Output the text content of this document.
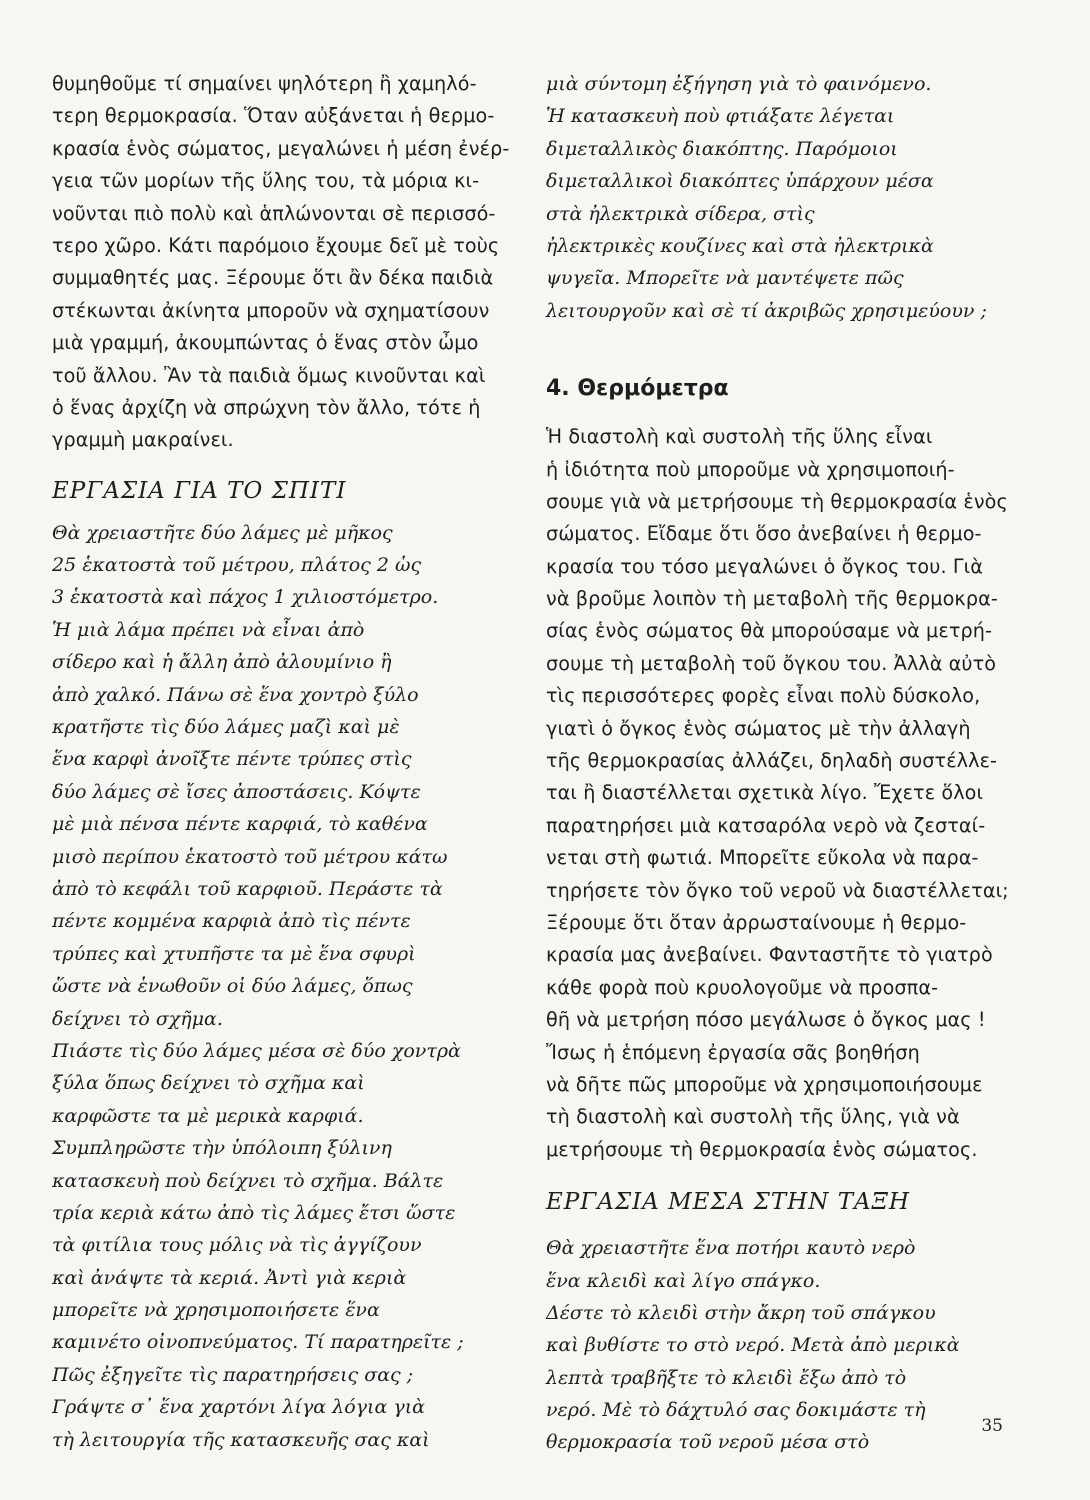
θυμηθοῦμε τί σημαίνει ψηλότερη ἢ χαμηλό-
τερη θερμοκρασία. Ὅταν αὐξάνεται ἡ θερμο-
κρασία ἑνὸς σώματος, μεγαλώνει ἡ μέση ἐνέρ-
γεια τῶν μορίων τῆς ὕλης του, τὰ μόρια κι-
νοῦνται πιὸ πολὺ καὶ ἁπλώνονται σὲ περισσό-
τερο χῶρο. Κάτι παρόμοιο ἔχουμε δεῖ μὲ τοὺς
συμμαθητές μας. Ξέρουμε ὅτι ἂν δέκα παιδιὰ
στέκωνται ἀκίνητα μποροῦν νὰ σχηματίσουν
μιὰ γραμμή, ἀκουμπώντας ὁ ἕνας στὸν ὦμο
τοῦ ἄλλου. Ἂν τὰ παιδιὰ ὅμως κινοῦνται καὶ
ὁ ἕνας ἀρχίζη νὰ σπρώχνη τὸν ἄλλο, τότε ἡ
γραμμὴ μακραίνει.
ΕΡΓΑΣΙΑ ΓΙΑ ΤΟ ΣΠΙΤΙ
Θὰ χρειαστῆτε δύο λάμες μὲ μῆκος
25 ἑκατοστὰ τοῦ μέτρου, πλάτος 2 ὡς
3 ἑκατοστὰ καὶ πάχος 1 χιλιοστόμετρο.
Ἡ μιὰ λάμα πρέπει νὰ εἶναι ἀπὸ
σίδερο καὶ ἡ ἄλλη ἀπὸ ἀλουμίνιο ἢ
ἀπὸ χαλκό. Πάνω σὲ ἕνα χοντρὸ ξύλο
κρατῆστε τὶς δύο λάμες μαζὶ καὶ μὲ
ἕνα καρφὶ ἀνοῖξτε πέντε τρύπες στὶς
δύο λάμες σὲ ἴσες ἀποστάσεις. Κόψτε
μὲ μιὰ πένσα πέντε καρφιά, τὸ καθένα
μισὸ περίπου ἑκατοστὸ τοῦ μέτρου κάτω
ἀπὸ τὸ κεφάλι τοῦ καρφιοῦ. Περάστε τὰ
πέντε κομμένα καρφιὰ ἀπὸ τὶς πέντε
τρύπες καὶ χτυπῆστε τα μὲ ἕνα σφυρὶ
ὥστε νὰ ἑνωθοῦν οἱ δύο λάμες, ὅπως
δείχνει τὸ σχῆμα.
Πιάστε τὶς δύο λάμες μέσα σὲ δύο χοντρὰ
ξύλα ὅπως δείχνει τὸ σχῆμα καὶ
καρφῶστε τα μὲ μερικὰ καρφιά.
Συμπληρῶστε τὴν ὑπόλοιπη ξύλινη
κατασκευὴ ποὺ δείχνει τὸ σχῆμα. Βάλτε
τρία κεριὰ κάτω ἀπὸ τὶς λάμες ἔτσι ὥστε
τὰ φιτίλια τους μόλις νὰ τὶς ἀγγίζουν
καὶ ἀνάψτε τὰ κεριά. Ἀντὶ γιὰ κεριὰ
μπορεῖτε νὰ χρησιμοποιήσετε ἕνα
καμινέτο οἰνοπνεύματος. Τί παρατηρεῖτε ;
Πῶς ἐξηγεῖτε τὶς παρατηρήσεις σας ;
Γράψτε σ᾿ ἕνα χαρτόνι λίγα λόγια γιὰ
τὴ λειτουργία τῆς κατασκευῆς σας καὶ
μιὰ σύντομη ἐξήγηση γιὰ τὸ φαινόμενο.
Ἡ κατασκευὴ ποὺ φτιάξατε λέγεται
διμεταλλικὸς διακόπτης. Παρόμοιοι
διμεταλλικοὶ διακόπτες ὑπάρχουν μέσα
στὰ ἠλεκτρικὰ σίδερα, στὶς
ἠλεκτρικὲς κουζίνες καὶ στὰ ἠλεκτρικὰ
ψυγεῖα. Μπορεῖτε νὰ μαντέψετε πῶς
λειτουργοῦν καὶ σὲ τί ἀκριβῶς χρησιμεύουν ;
4. Θερμόμετρα
Ἡ διαστολὴ καὶ συστολὴ τῆς ὕλης εἶναι
ἡ ἰδιότητα ποὺ μποροῦμε νὰ χρησιμοποιή-
σουμε γιὰ νὰ μετρήσουμε τὴ θερμοκρασία ἑνὸς
σώματος. Εἴδαμε ὅτι ὅσο ἀνεβαίνει ἡ θερμο-
κρασία του τόσο μεγαλώνει ὁ ὄγκος του. Γιὰ
νὰ βροῦμε λοιπὸν τὴ μεταβολὴ τῆς θερμοκρα-
σίας ἑνὸς σώματος θὰ μπορούσαμε νὰ μετρή-
σουμε τὴ μεταβολὴ τοῦ ὄγκου του. Ἀλλὰ αὐτὸ
τὶς περισσότερες φορὲς εἶναι πολὺ δύσκολο,
γιατὶ ὁ ὄγκος ἑνὸς σώματος μὲ τὴν ἀλλαγὴ
τῆς θερμοκρασίας ἀλλάζει, δηλαδὴ συστέλλε-
ται ἢ διαστέλλεται σχετικὰ λίγο. Ἔχετε ὅλοι
παρατηρήσει μιὰ κατσαρόλα νερὸ νὰ ζεσταί-
νεται στὴ φωτιά. Μπορεῖτε εὔκολα νὰ παρα-
τηρήσετε τὸν ὄγκο τοῦ νεροῦ νὰ διαστέλλεται;
Ξέρουμε ὅτι ὅταν ἀρρωσταίνουμε ἡ θερμο-
κρασία μας ἀνεβαίνει. Φανταστῆτε τὸ γιατρὸ
κάθε φορὰ ποὺ κρυολογοῦμε νὰ προσπα-
θῆ νὰ μετρήση πόσο μεγάλωσε ὁ ὄγκος μας !
Ἴσως ἡ ἑπόμενη ἐργασία σᾶς βοηθήση
νὰ δῆτε πῶς μποροῦμε νὰ χρησιμοποιήσουμε
τὴ διαστολὴ καὶ συστολὴ τῆς ὕλης, γιὰ νὰ
μετρήσουμε τὴ θερμοκρασία ἑνὸς σώματος.
ΕΡΓΑΣΙΑ ΜΕΣΑ ΣΤΗΝ ΤΑΞΗ
Θὰ χρειαστῆτε ἕνα ποτήρι καυτὸ νερὸ
ἕνα κλειδὶ καὶ λίγο σπάγκο.
Δέστε τὸ κλειδὶ στὴν ἄκρη τοῦ σπάγκου
καὶ βυθίστε το στὸ νερό. Μετὰ ἀπὸ μερικὰ
λεπτὰ τραβῆξτε τὸ κλειδὶ ἔξω ἀπὸ τὸ
νερό. Μὲ τὸ δάχτυλό σας δοκιμάστε τὴ
θερμοκρασία τοῦ νεροῦ μέσα στὸ
35
